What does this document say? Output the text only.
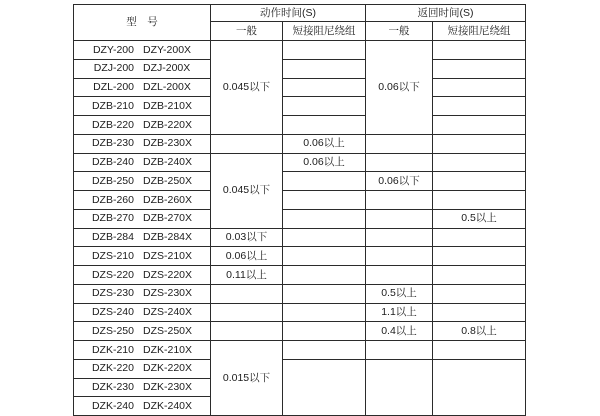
型　号	动作时间(S)		返回时间(S)	
	一般	短接阻尼绕组	一般	短接阻尼绕组

DZY-200 DZY-200X	0.045以下		0.06以下	

DZJ-200 DZJ-200X				

DZL-200 DZL-200X				

DZB-210 DZB-210X				

DZB-220 DZB-220X				

DZB-230 DZB-230X		0.06以上		

DZB-240 DZB-240X	0.045以下	0.06以上		

DZB-250 DZB-250X			0.06以下	

DZB-260 DZB-260X				

DZB-270 DZB-270X				0.5以上

DZB-284 DZB-284X	0.03以下			

DZS-210 DZS-210X	0.06以上			

DZS-220 DZS-220X	0.11以上			

DZS-230 DZS-230X			0.5以上	

DZS-240 DZS-240X			1.1以上	

DZS-250 DZS-250X			0.4以上	0.8以上

DZK-210 DZK-210X	0.015以下			

DZK-220 DZK-220X				

DZK-230 DZK-230X				

DZK-240 DZK-240X				
